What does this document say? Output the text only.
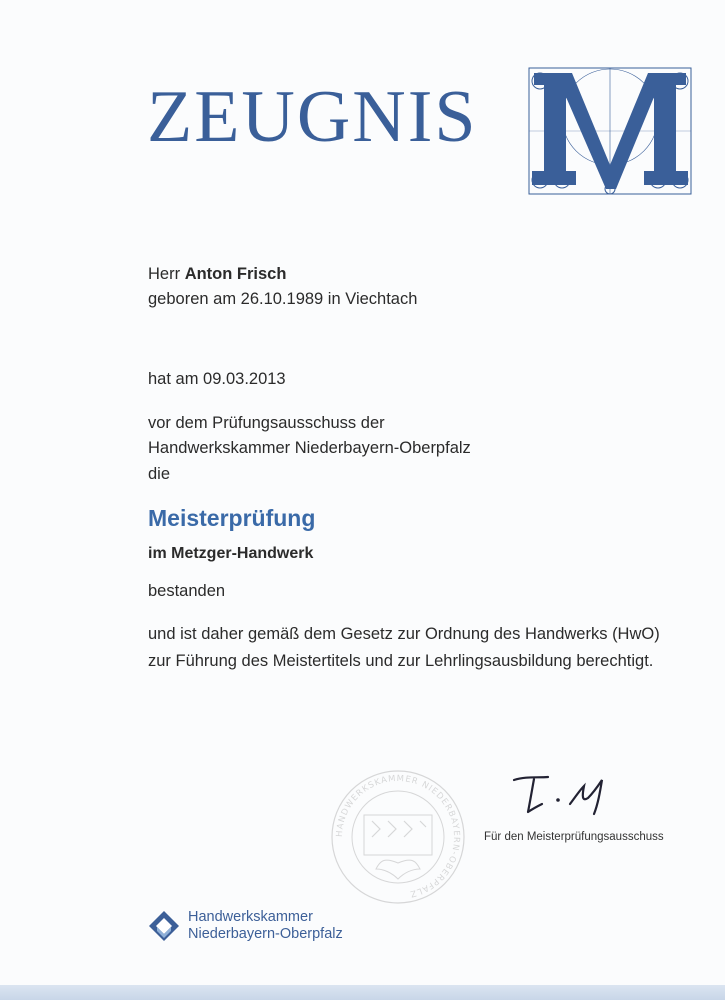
ZEUGNIS
Herr Anton Frisch
geboren am 26.10.1989 in Viechtach
hat am 09.03.2013
vor dem Prüfungsausschuss der
Handwerkskammer Niederbayern-Oberpfalz
die
Meisterprüfung
im Metzger-Handwerk
bestanden
und ist daher gemäß dem Gesetz zur Ordnung des Handwerks (HwO)
zur Führung des Meistertitels und zur Lehrlingsausbildung berechtigt.
HANDWERKSKAMMER NIEDERBAYERN-OBERPFALZ
Für den Meisterprüfungsausschuss
Handwerkskammer
Niederbayern-Oberpfalz
